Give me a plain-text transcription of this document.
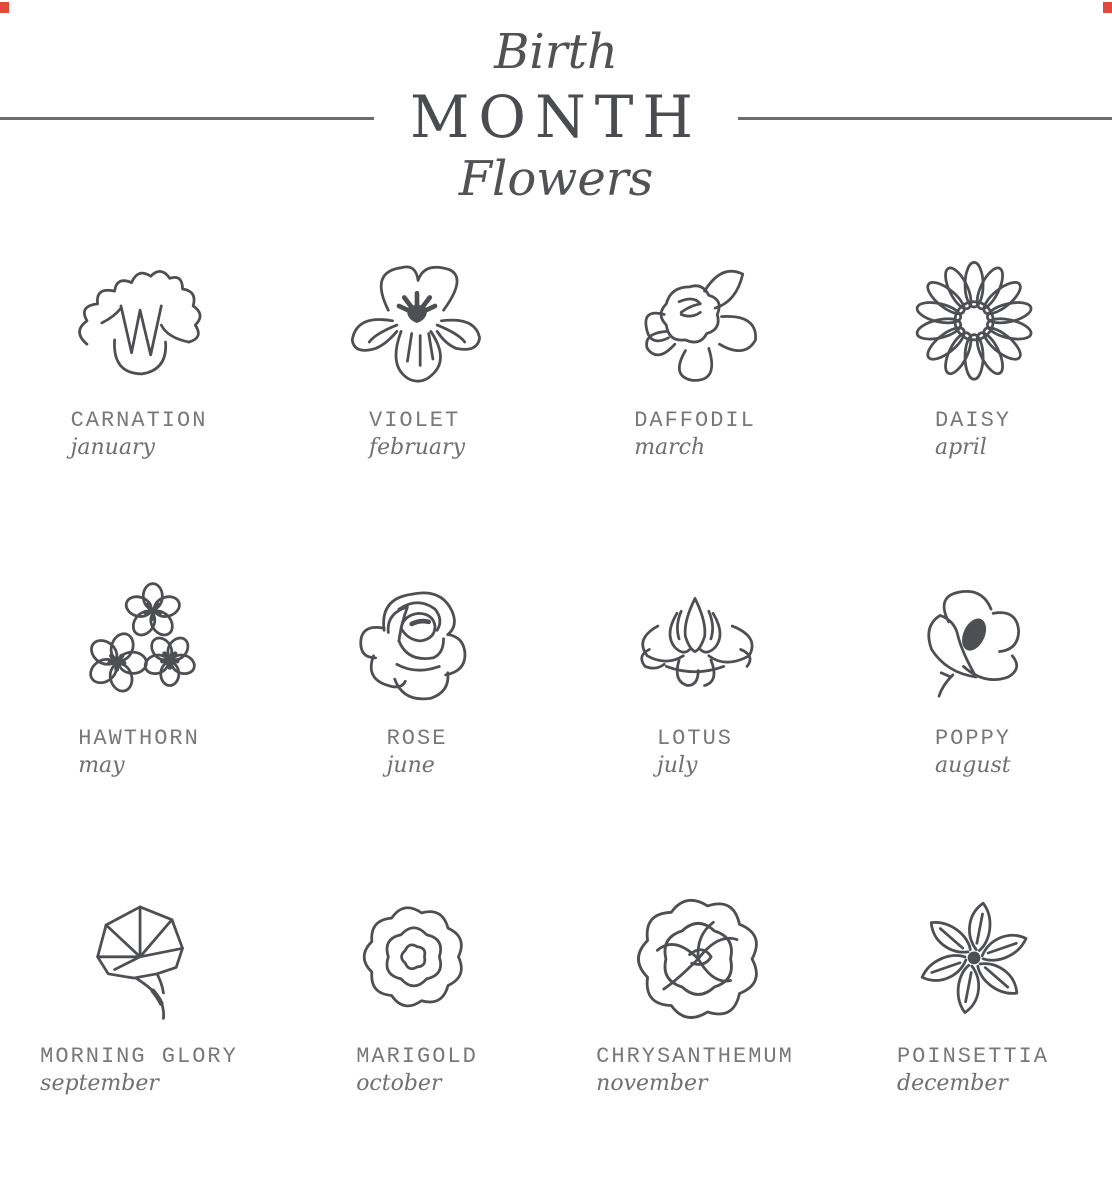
Birth
MONTH
Flowers
CARNATION
january
VIOLET
february
DAFFODIL
march
DAISY
april
HAWTHORN
may
ROSE
june
LOTUS
july
POPPY
august
MORNING GLORY
september
MARIGOLD
october
CHRYSANTHEMUM
november
POINSETTIA
december
